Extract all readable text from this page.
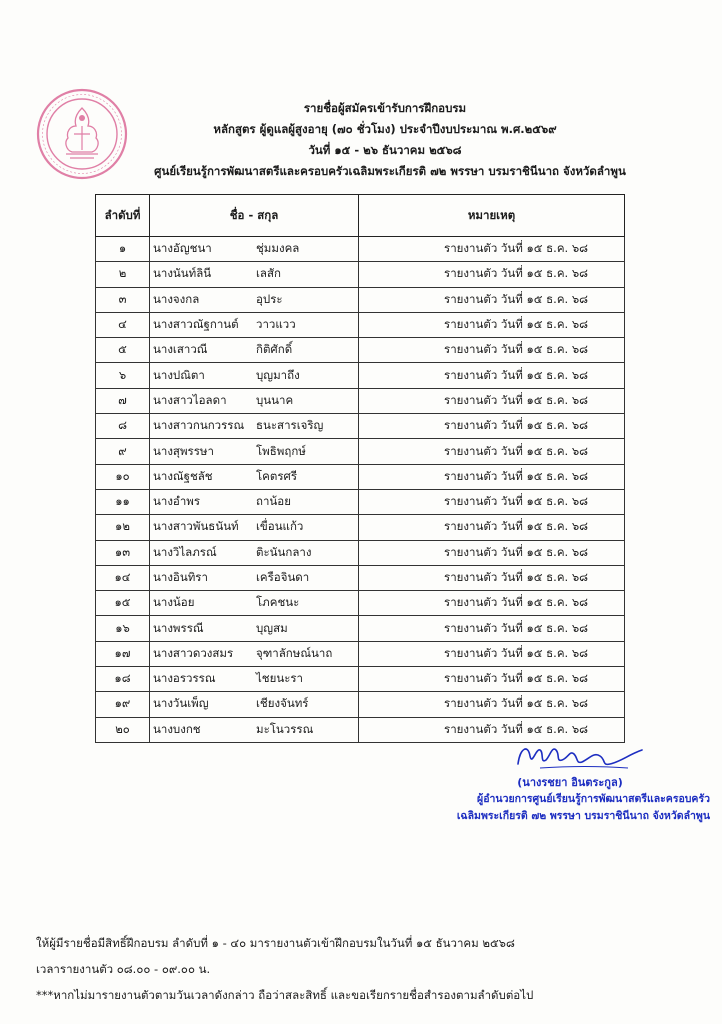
รายชื่อผู้สมัครเข้ารับการฝึกอบรม
หลักสูตร ผู้ดูแลผู้สูงอายุ (๗๐ ชั่วโมง) ประจำปีงบประมาณ พ.ศ.๒๕๖๙
วันที่ ๑๕ - ๒๖ ธันวาคม ๒๕๖๘
ศูนย์เรียนรู้การพัฒนาสตรีและครอบครัวเฉลิมพระเกียรติ ๗๒ พรรษา บรมราชินีนาถ จังหวัดลำพูน
ลำดับที่	ชื่อ - สกุล	หมายเหตุ
๑	นางอัญชนา ชุ่มมงคล	รายงานตัว วันที่ ๑๕ ธ.ค. ๖๘
๒	นางนันท์ลินี เลสัก	รายงานตัว วันที่ ๑๕ ธ.ค. ๖๘
๓	นางจงกล อุประ	รายงานตัว วันที่ ๑๕ ธ.ค. ๖๘
๔	นางสาวณัฐกานต์ วาวแวว	รายงานตัว วันที่ ๑๕ ธ.ค. ๖๘
๕	นางเสาวณี กิติศักดิ์	รายงานตัว วันที่ ๑๕ ธ.ค. ๖๘
๖	นางปณิตา บุญมาถึง	รายงานตัว วันที่ ๑๕ ธ.ค. ๖๘
๗	นางสาวไอลดา บุนนาค	รายงานตัว วันที่ ๑๕ ธ.ค. ๖๘
๘	นางสาวกนกวรรณ ธนะสารเจริญ	รายงานตัว วันที่ ๑๕ ธ.ค. ๖๘
๙	นางสุพรรษา โพธิพฤกษ์	รายงานตัว วันที่ ๑๕ ธ.ค. ๖๘
๑๐	นางณัฐชลัช โคตรศรี	รายงานตัว วันที่ ๑๕ ธ.ค. ๖๘
๑๑	นางอำพร ถาน้อย	รายงานตัว วันที่ ๑๕ ธ.ค. ๖๘
๑๒	นางสาวพันธนันท์ เขื่อนแก้ว	รายงานตัว วันที่ ๑๕ ธ.ค. ๖๘
๑๓	นางวิไลภรณ์ ติะนันกลาง	รายงานตัว วันที่ ๑๕ ธ.ค. ๖๘
๑๔	นางอินทิรา เครือจินดา	รายงานตัว วันที่ ๑๕ ธ.ค. ๖๘
๑๕	นางน้อย โภคชนะ	รายงานตัว วันที่ ๑๕ ธ.ค. ๖๘
๑๖	นางพรรณี บุญสม	รายงานตัว วันที่ ๑๕ ธ.ค. ๖๘
๑๗	นางสาวดวงสมร จุฑาลักษณ์นาถ	รายงานตัว วันที่ ๑๕ ธ.ค. ๖๘
๑๘	นางอรวรรณ ไชยนะรา	รายงานตัว วันที่ ๑๕ ธ.ค. ๖๘
๑๙	นางวันเพ็ญ เชียงจันทร์	รายงานตัว วันที่ ๑๕ ธ.ค. ๖๘
๒๐	นางบงกช มะโนวรรณ	รายงานตัว วันที่ ๑๕ ธ.ค. ๖๘
(นางรชยา อินตระกูล)
ผู้อำนวยการศูนย์เรียนรู้การพัฒนาสตรีและครอบครัว
เฉลิมพระเกียรติ ๗๒ พรรษา บรมราชินีนาถ จังหวัดลำพูน
ให้ผู้มีรายชื่อมีสิทธิ์ฝึกอบรม ลำดับที่ ๑ - ๔๐ มารายงานตัวเข้าฝึกอบรมในวันที่ ๑๕ ธันวาคม ๒๕๖๘
เวลารายงานตัว ๐๘.๐๐ - ๐๙.๐๐ น.
***หากไม่มารายงานตัวตามวันเวลาดังกล่าว ถือว่าสละสิทธิ์ และขอเรียกรายชื่อสำรองตามลำดับต่อไป
